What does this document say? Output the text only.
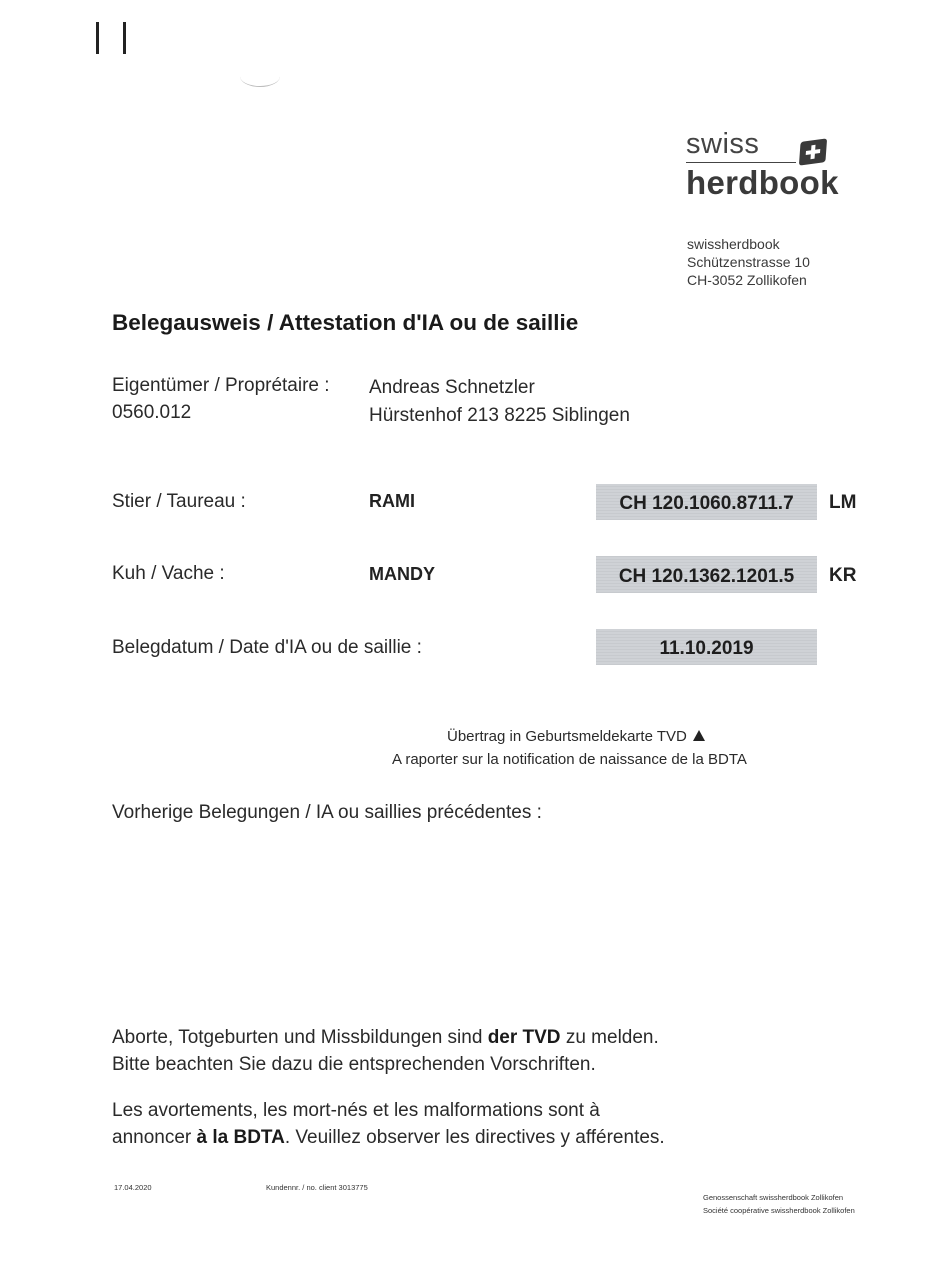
swiss
herdbook
swissherdbook
Schützenstrasse 10
CH-3052 Zollikofen
Belegausweis / Attestation d'IA ou de saillie
Eigentümer / Proprétaire :
0560.012
Andreas Schnetzler
Hürstenhof 213 8225 Siblingen
Stier / Taureau :	RAMI	CH 120.1060.8711.7	LM
Kuh / Vache :	MANDY	CH 120.1362.1201.5	KR
Belegdatum / Date d'IA ou de saillie :	11.10.2019
Übertrag in Geburtsmeldekarte TVD
A raporter sur la notification de naissance de la BDTA
Vorherige Belegungen / IA ou saillies précédentes :
Aborte, Totgeburten und Missbildungen sind der TVD zu melden.
Bitte beachten Sie dazu die entsprechenden Vorschriften.
Les avortements, les mort-nés et les malformations sont à
annoncer à la BDTA. Veuillez observer les directives y afférentes.
17.04.2020	Kundennr. / no. client 3013775
Genossenschaft swissherdbook Zollikofen
Société coopérative swissherdbook Zollikofen
